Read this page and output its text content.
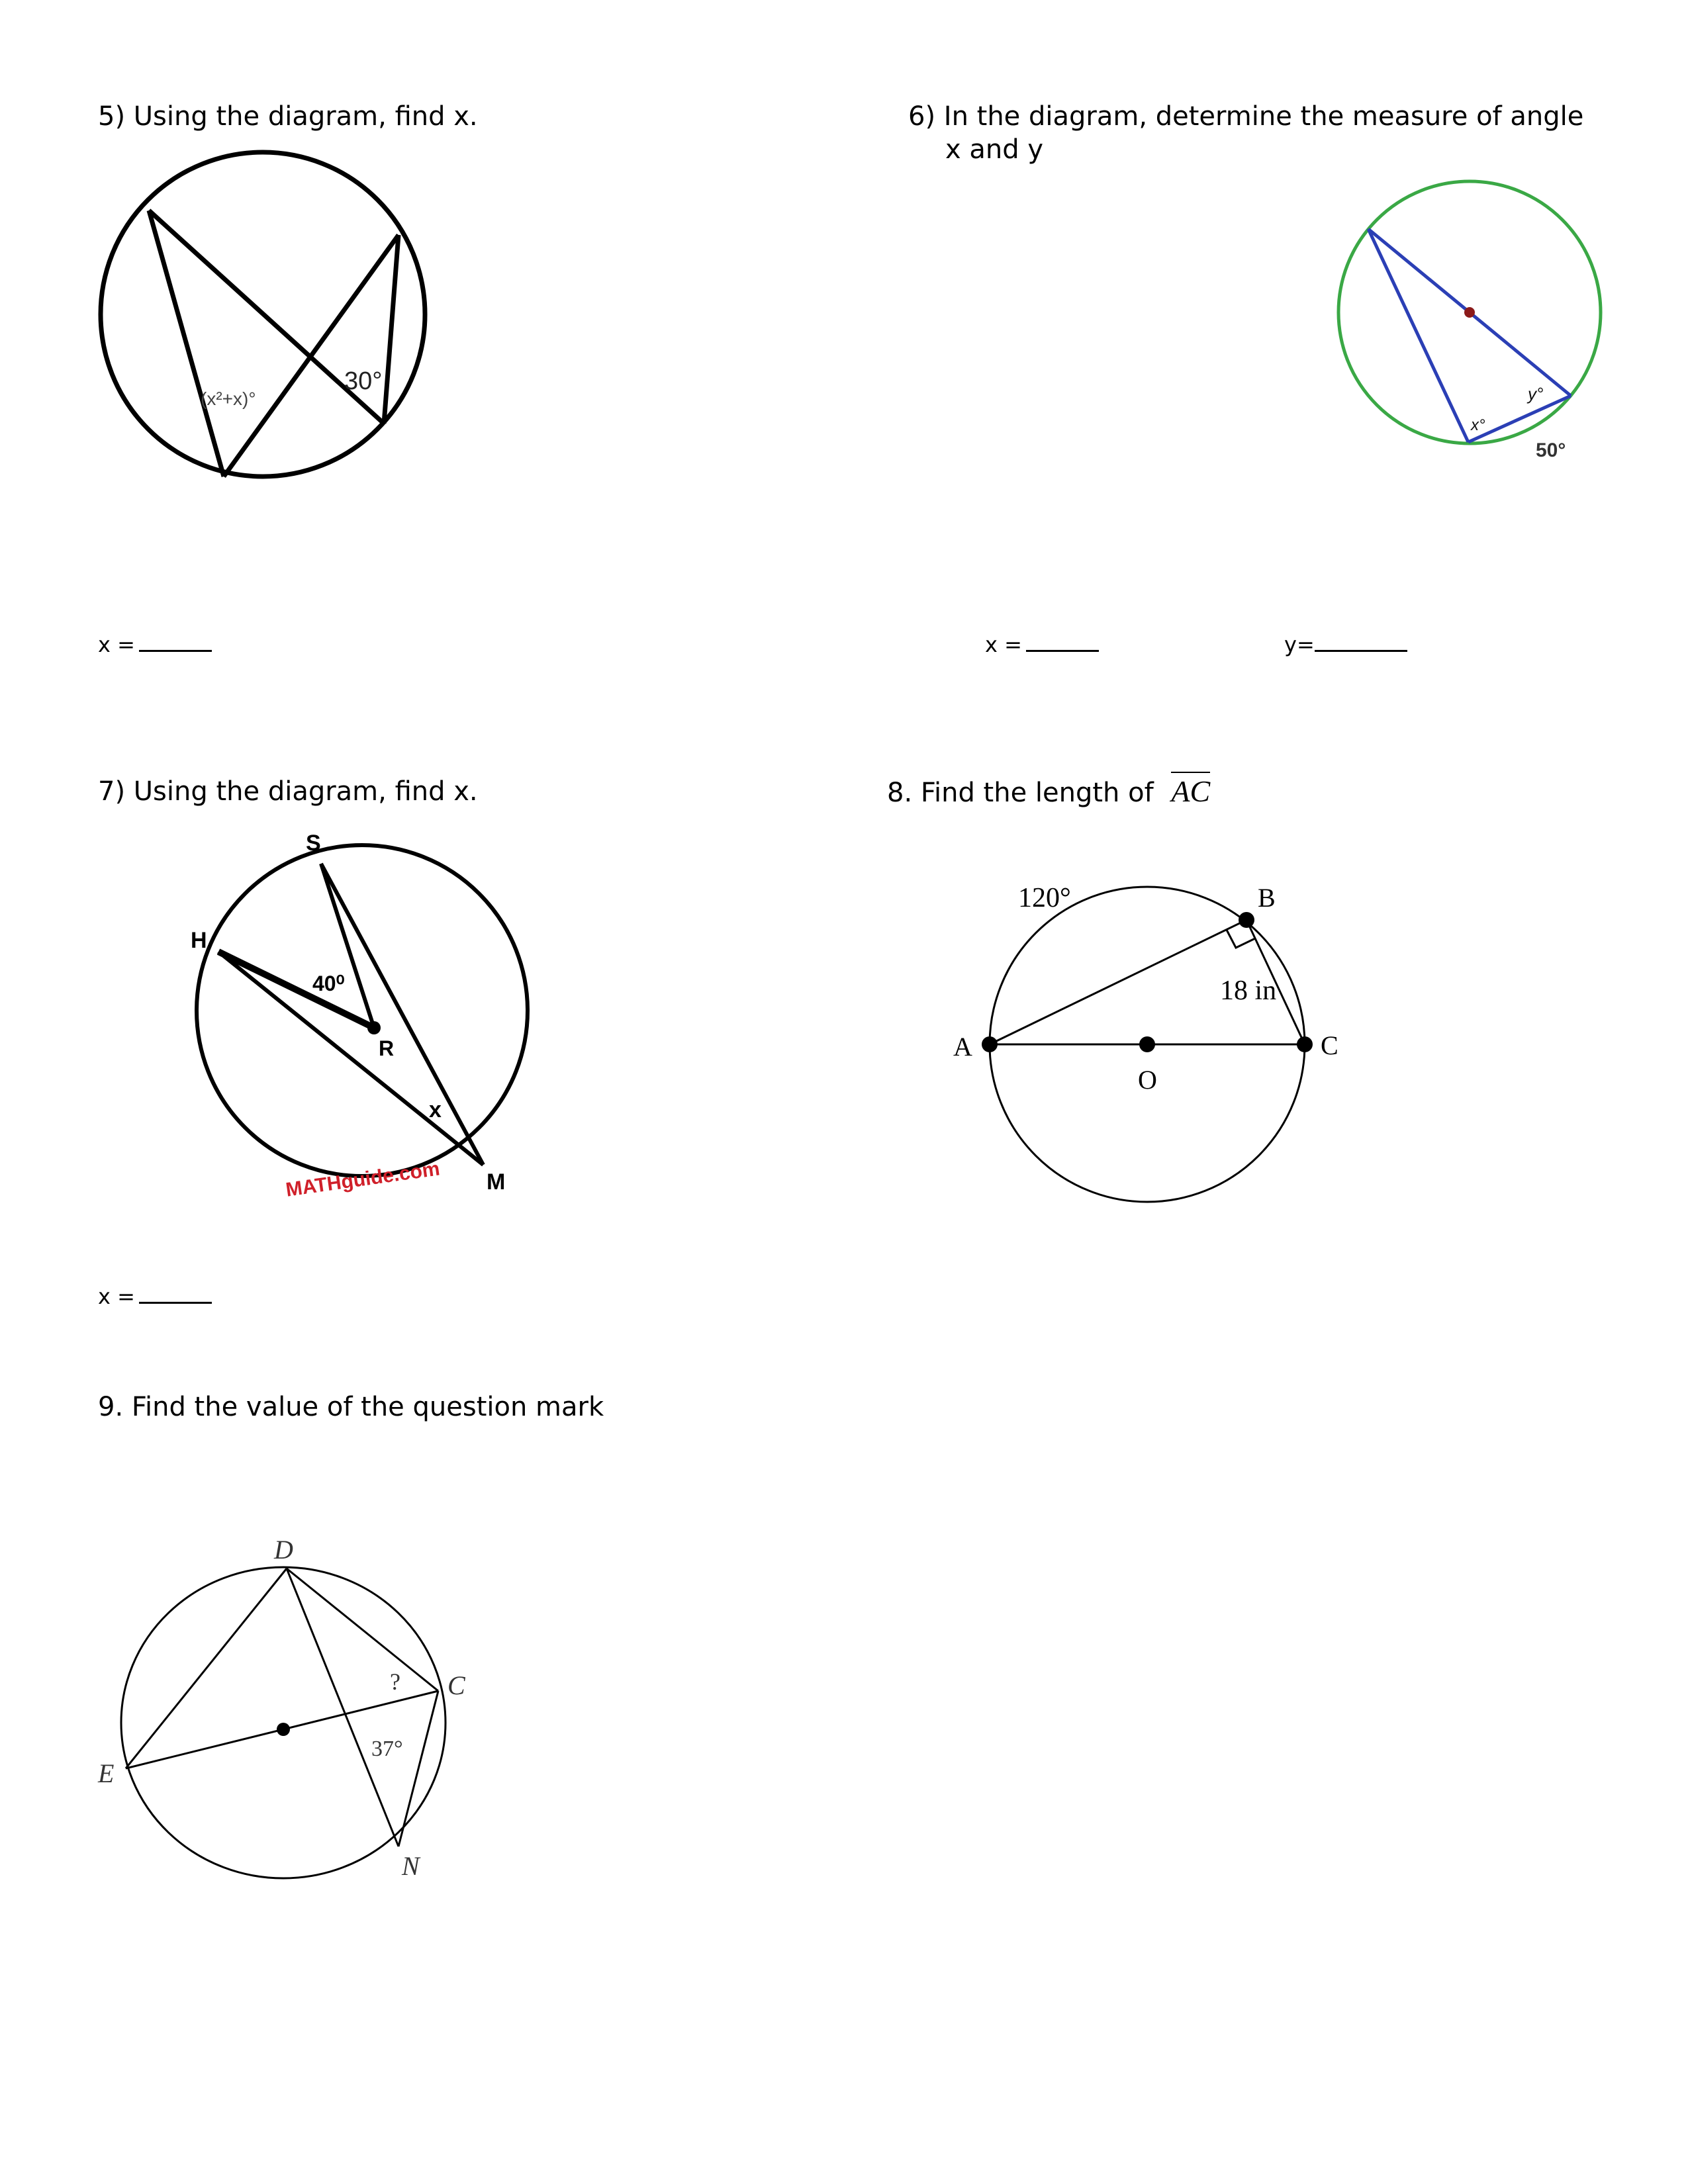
5) Using the diagram, find x.
(x²+x)°
30°
x =
6) In the diagram, determine the measure of angle
x and y
x°
y°
50°
x =	y=
7) Using the diagram, find x.
S
H
40⁰
R
x
M
MATHguide.com
x =
8. Find the length of AC
120°	B
18 in
A	C
O
9. Find the value of the question mark
D
? C
37°
E
N
